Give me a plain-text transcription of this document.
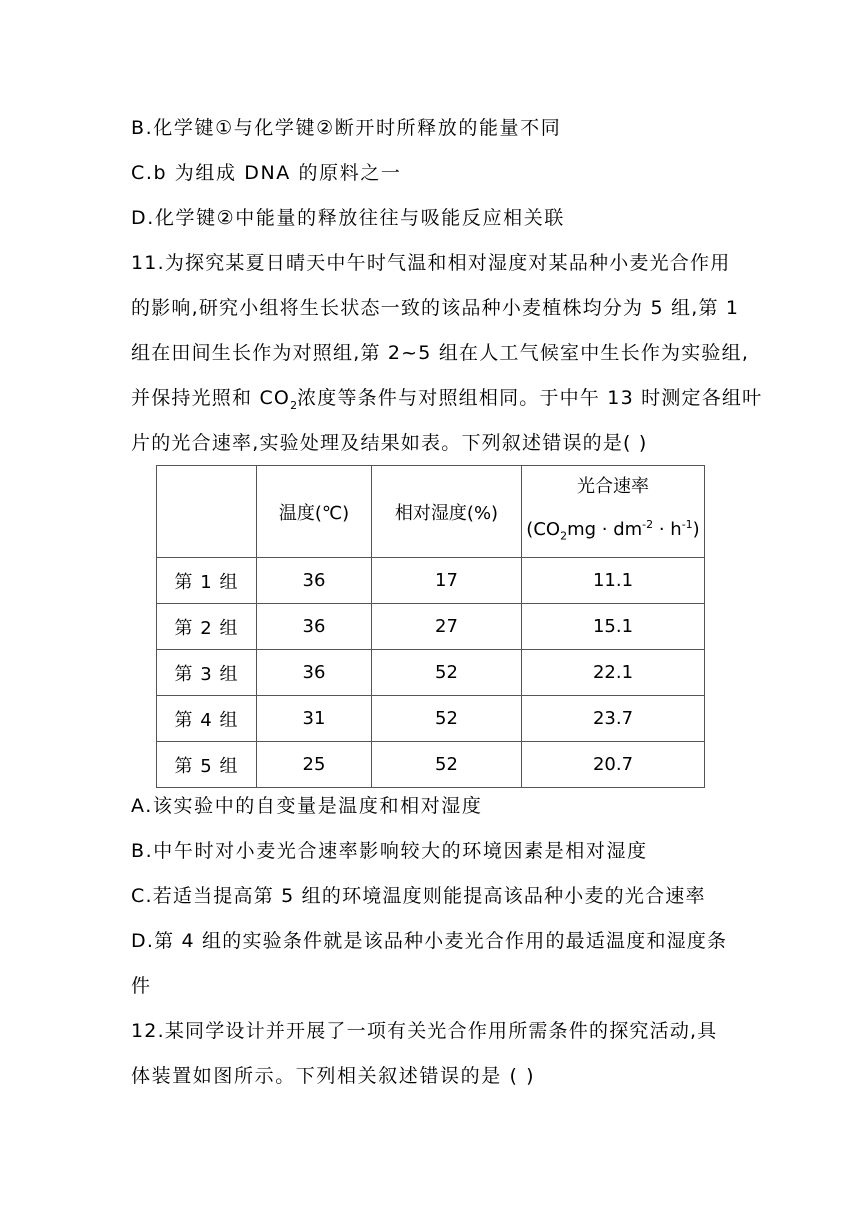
B.化学键①与化学键②断开时所释放的能量不同
C.b 为组成 DNA 的原料之一
D.化学键②中能量的释放往往与吸能反应相关联
11.为探究某夏日晴天中午时气温和相对湿度对某品种小麦光合作用
的影响,研究小组将生长状态一致的该品种小麦植株均分为 5 组,第 1
组在田间生长作为对照组,第 2~5 组在人工气候室中生长作为实验组,
并保持光照和 $CO_2$浓度等条件与对照组相同。于中午 13 时测定各组叶
片的光合速率,实验处理及结果如表。下列叙述错误的是( )
	温度(℃)	相对湿度(%)	光合速率
$(CO_2mg \cdot dm^{-2} \cdot h^{-1})$

第 1 组	36	17	11.1
第 2 组	36	27	15.1
第 3 组	36	52	22.1
第 4 组	31	52	23.7
第 5 组	25	52	20.7
A.该实验中的自变量是温度和相对湿度
B.中午时对小麦光合速率影响较大的环境因素是相对湿度
C.若适当提高第 5 组的环境温度则能提高该品种小麦的光合速率
D.第 4 组的实验条件就是该品种小麦光合作用的最适温度和湿度条
件
12.某同学设计并开展了一项有关光合作用所需条件的探究活动,具
体装置如图所示。下列相关叙述错误的是 ( )
